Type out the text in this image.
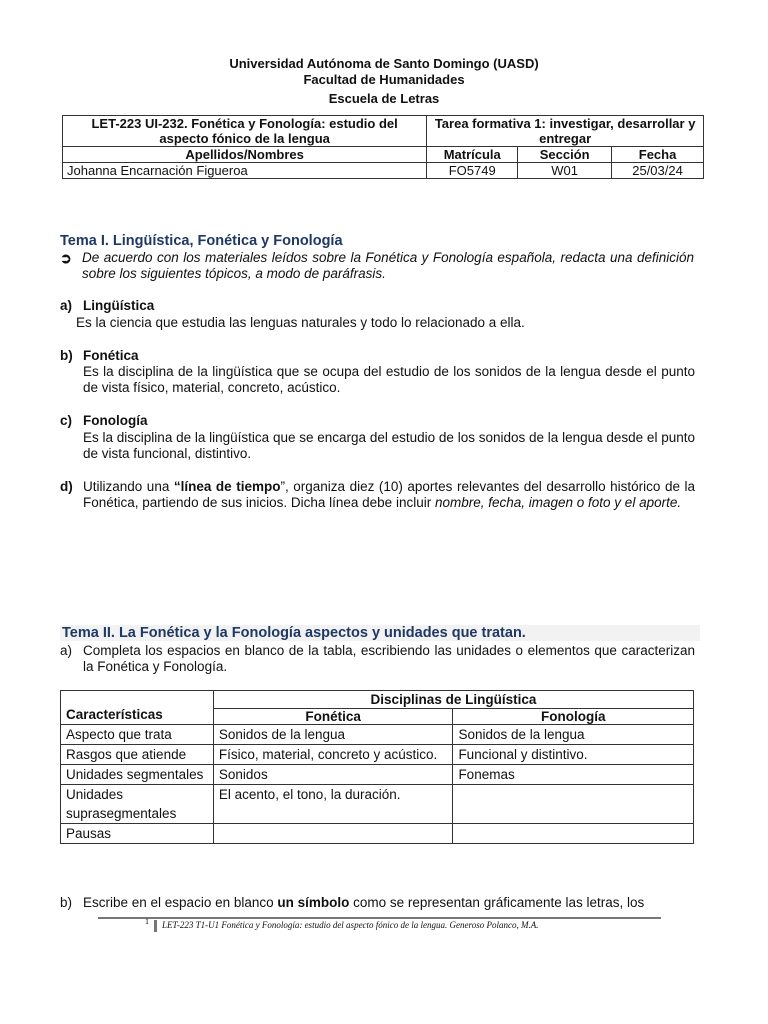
Universidad Autónoma de Santo Domingo (UASD)
Facultad de Humanidades
Escuela de Letras
LET-223 UI-232. Fonética y Fonología: estudio del aspecto fónico de la lengua	Tarea formativa 1: investigar, desarrollar y entregar		
Apellidos/Nombres	Matrícula	Sección	Fecha
Johanna Encarnación Figueroa	FO5749	W01	25/03/24
Tema I. Lingüística, Fonética y Fonología
➲ De acuerdo con los materiales leídos sobre la Fonética y Fonología española, redacta una definición sobre los siguientes tópicos, a modo de paráfrasis.
a) Lingüística
Es la ciencia que estudia las lenguas naturales y todo lo relacionado a ella.
b) Fonética
Es la disciplina de la lingüística que se ocupa del estudio de los sonidos de la lengua desde el punto de vista físico, material, concreto, acústico.
c) Fonología
Es la disciplina de la lingüística que se encarga del estudio de los sonidos de la lengua desde el punto de vista funcional, distintivo.
d) Utilizando una “línea de tiempo”, organiza diez (10) aportes relevantes del desarrollo histórico de la Fonética, partiendo de sus inicios. Dicha línea debe incluir nombre, fecha, imagen o foto y el aporte.
Tema II. La Fonética y la Fonología aspectos y unidades que tratan.
a) Completa los espacios en blanco de la tabla, escribiendo las unidades o elementos que caracterizan la Fonética y Fonología.
Características	Disciplinas de Lingüística	
	Fonética	Fonología
Aspecto que trata	Sonidos de la lengua	Sonidos de la lengua
Rasgos que atiende	Físico, material, concreto y acústico.	Funcional y distintivo.
Unidades segmentales	Sonidos	Fonemas
Unidades suprasegmentales	El acento, el tono, la duración.	
Pausas		
b) Escribe en el espacio en blanco un símbolo como se representan gráficamente las letras, los
1 LET-223 T1-U1 Fonética y Fonología: estudio del aspecto fónico de la lengua. Generoso Polanco, M.A.
